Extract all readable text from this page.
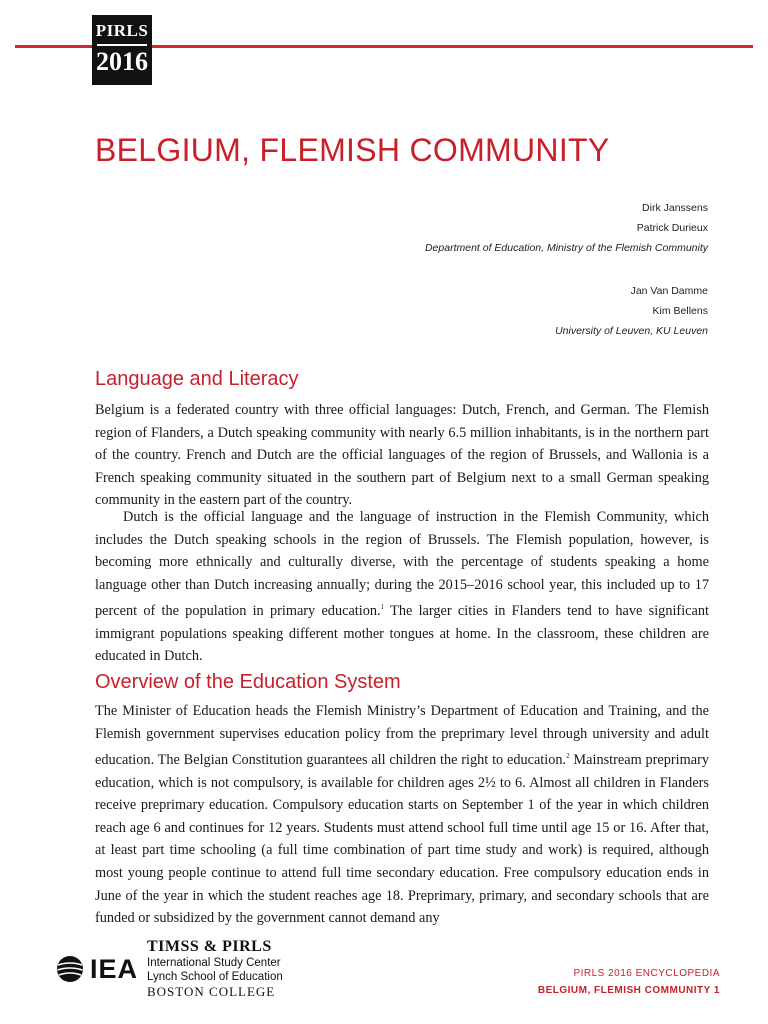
PIRLS
2016
BELGIUM, FLEMISH COMMUNITY
Dirk Janssens
Patrick Durieux
Department of Education, Ministry of the Flemish Community
Jan Van Damme
Kim Bellens
University of Leuven, KU Leuven
Language and Literacy

Belgium is a federated country with three official languages: Dutch, French, and German. The Flemish region of Flanders, a Dutch speaking community with nearly 6.5 million inhabitants, is in the northern part of the country. French and Dutch are the official languages of the region of Brussels, and Wallonia is a French speaking community situated in the southern part of Belgium next to a small German speaking community in the eastern part of the country.

Dutch is the official language and the language of instruction in the Flemish Community, which includes the Dutch speaking schools in the region of Brussels. The Flemish population, however, is becoming more ethnically and culturally diverse, with the percentage of students speaking a home language other than Dutch increasing annually; during the 2015–2016 school year, this included up to 17 percent of the population in primary education.$^1$ The larger cities in Flanders tend to have significant immigrant populations speaking different mother tongues at home. In the classroom, these children are educated in Dutch.

Overview of the Education System

The Minister of Education heads the Flemish Ministry’s Department of Education and Training, and the Flemish government supervises education policy from the preprimary level through university and adult education. The Belgian Constitution guarantees all children the right to education.$^2$ Mainstream preprimary education, which is not compulsory, is available for children ages 2½ to 6. Almost all children in Flanders receive preprimary education. Compulsory education starts on September 1 of the year in which children reach age 6 and continues for 12 years. Students must attend school full time until age 15 or 16. After that, at least part time schooling (a full time combination of part time study and work) is required, although most young people continue to attend full time secondary education. Free compulsory education ends in June of the year in which the student reaches age 18. Preprimary, primary, and secondary schools that are funded or subsidized by the government cannot demand any

IEA
TIMSS & PIRLS
International Study Center
Lynch School of Education
BOSTON COLLEGE
PIRLS 2016 ENCYCLOPEDIA
BELGIUM, FLEMISH COMMUNITY 1
